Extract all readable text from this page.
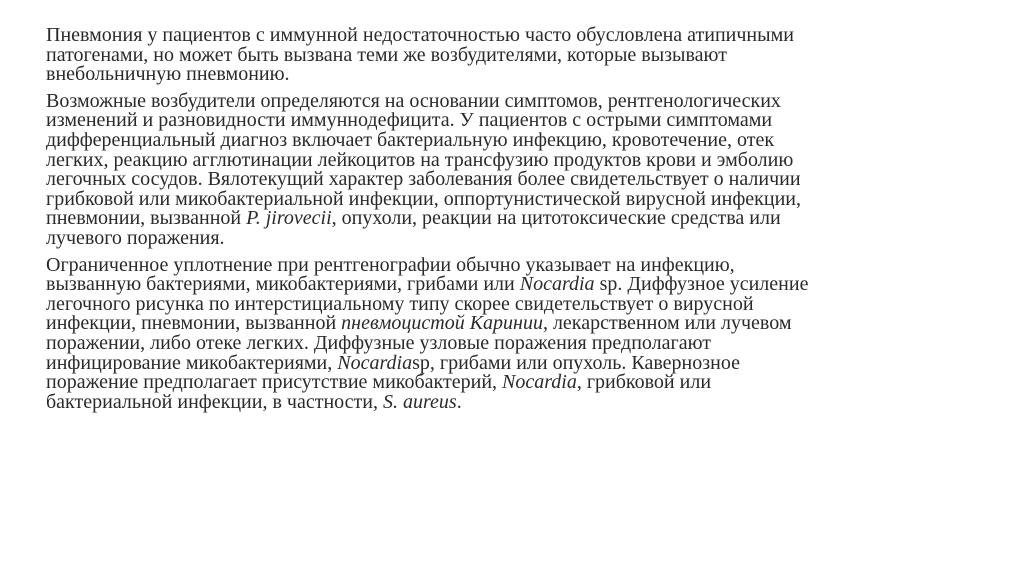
Пневмония у пациентов с иммунной недостаточностью часто обусловлена атипичными
патогенами, но может быть вызвана теми же возбудителями, которые вызывают
внебольничную пневмонию.

Возможные возбудители определяются на основании симптомов, рентгенологических
изменений и разновидности иммуннодефицита. У пациентов с острыми симптомами
дифференциальный диагноз включает бактериальную инфекцию, кровотечение, отек
легких, реакцию агглютинации лейкоцитов на трансфузию продуктов крови и эмболию
легочных сосудов. Вялотекущий характер заболевания более свидетельствует о наличии
грибковой или микобактериальной инфекции, оппортунистической вирусной инфекции,
пневмонии, вызванной P. jirovecii, опухоли, реакции на цитотоксические средства или
лучевого поражения.

Ограниченное уплотнение при рентгенографии обычно указывает на инфекцию,
вызванную бактериями, микобактериями, грибами или Nocardia sp. Диффузное усиление
легочного рисунка по интерстициальному типу скорее свидетельствует о вирусной
инфекции, пневмонии, вызванной пневмоцистой Каринии, лекарственном или лучевом
поражении, либо отеке легких. Диффузные узловые поражения предполагают
инфицирование микобактериями, Nocardiasp, грибами или опухоль. Кавернозное
поражение предполагает присутствие микобактерий, Nocardia, грибковой или
бактериальной инфекции, в частности, S. aureus.
